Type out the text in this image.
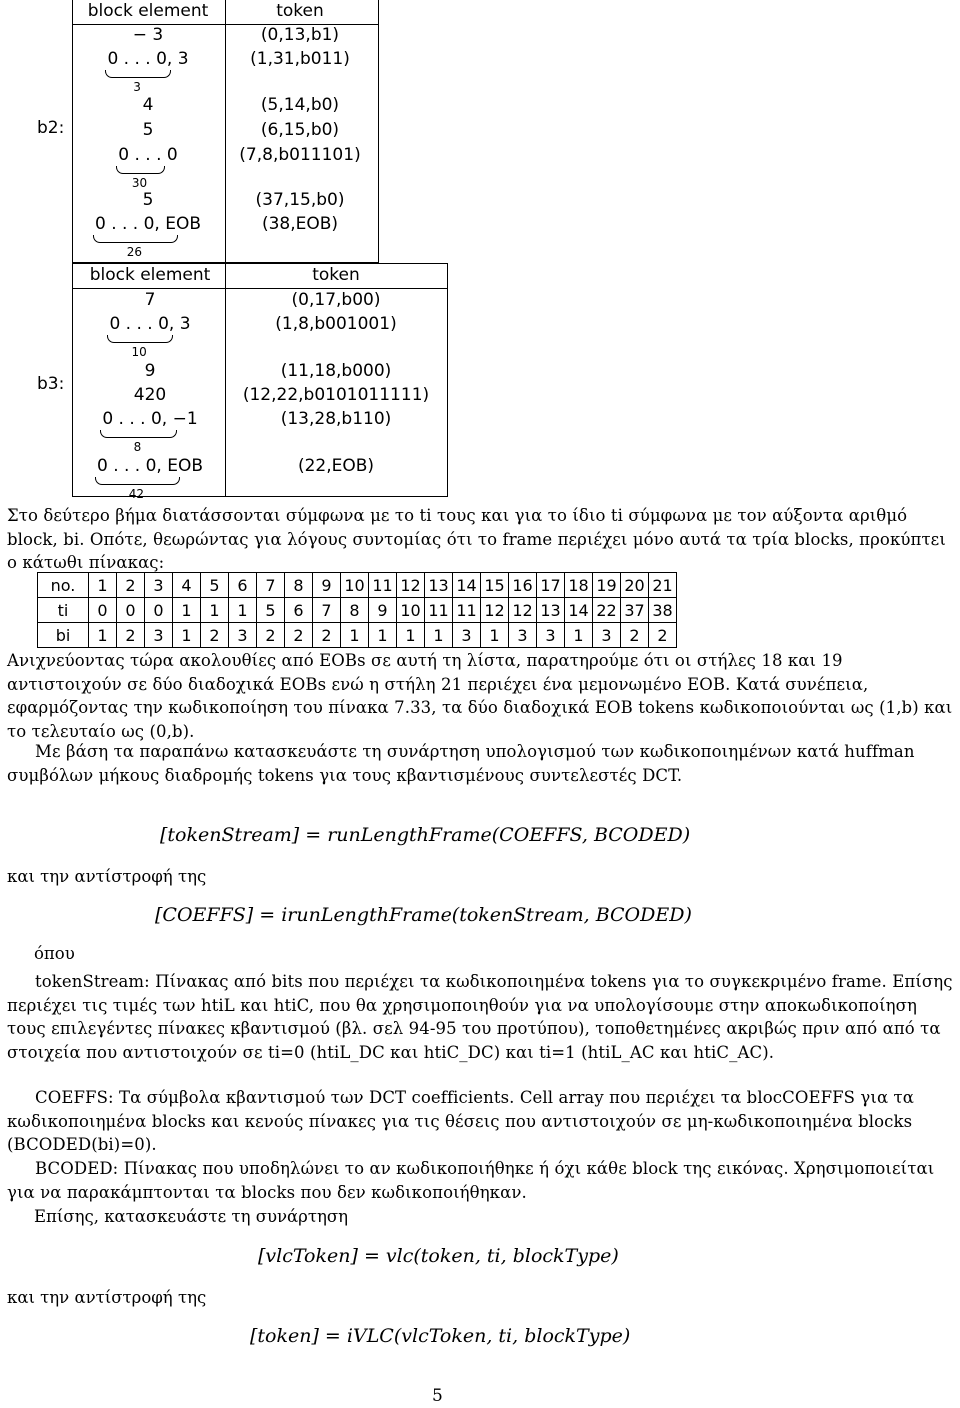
b2:
block element	token
− 3	(0,13,b1)
0 . . . 0, 3	(1,31,b011)
3
4	(5,14,b0)
5	(6,15,b0)
0 . . . 0	(7,8,b011101)
30
5	(37,15,b0)
0 . . . 0, EOB	(38,EOB)
26
b3:
block element	token
7	(0,17,b00)
0 . . . 0, 3	(1,8,b001001)
10
9	(11,18,b000)
420	(12,22,b0101011111)
0 . . . 0, −1	(13,28,b110)
8
0 . . . 0, EOB	(22,EOB)
42
Στο δεύτερο βήμα διατάσσονται σύμφωνα με το ti τους και για το ίδιο ti σύμφωνα με τον αύξοντα αριθμό block, bi. Οπότε, θεωρώντας για λόγους συντομίας ότι το frame περιέχει μόνο αυτά τα τρία blocks, προκύπτει ο κάτωθι πίνακας:
no.	1	2	3	4	5	6	7	8	9	10	11	12	13	14	15	16	17	18	19	20	21
ti	0	0	0	1	1	1	5	6	7	8	9	10	11	11	12	12	13	14	22	37	38
bi	1	2	3	1	2	3	2	2	2	1	1	1	1	3	1	3	3	1	3	2	2
Ανιχνεύοντας τώρα ακολουθίες από EOBs σε αυτή τη λίστα, παρατηρούμε ότι οι στήλες 18 και 19 αντιστοιχούν σε δύο διαδοχικά EOBs ενώ η στήλη 21 περιέχει ένα μεμονωμένο EOB. Κατά συνέπεια, εφαρμόζοντας την κωδικοποίηση του πίνακα 7.33, τα δύο διαδοχικά EOB tokens κωδικοποιούνται ως (1,b) και το τελευταίο ως (0,b).
Με βάση τα παραπάνω κατασκευάστε τη συνάρτηση υπολογισμού των κωδικοποιημένων κατά huffman συμβόλων μήκους διαδρομής tokens για τους κβαντισμένους συντελεστές DCT.
[tokenStream] = runLengthFrame(COEFFS, BCODED)
και την αντίστροφή της
[COEFFS] = irunLengthFrame(tokenStream, BCODED)
όπου
tokenStream: Πίνακας από bits που περιέχει τα κωδικοποιημένα tokens για το συγκεκριμένο frame. Επίσης περιέχει τις τιμές των htiL και htiC, που θα χρησιμοποιηθούν για να υπολογίσουμε στην αποκωδικοποίηση τους επιλεγέντες πίνακες κβαντισμού (βλ. σελ 94-95 του προτύπου), τοποθετημένες ακριβώς πριν από από τα στοιχεία που αντιστοιχούν σε ti=0 (htiL_DC και htiC_DC) και ti=1 (htiL_AC και htiC_AC).
COEFFS: Τα σύμβολα κβαντισμού των DCT coefficients. Cell array που περιέχει τα blocCOEFFS για τα κωδικοποιημένα blocks και κενούς πίνακες για τις θέσεις που αντιστοιχούν σε μη-κωδικοποιημένα blocks (BCODED(bi)=0).
BCODED: Πίνακας που υποδηλώνει το αν κωδικοποιήθηκε ή όχι κάθε block της εικόνας. Χρησιμοποιείται για να παρακάμπτονται τα blocks που δεν κωδικοποιήθηκαν.
Επίσης, κατασκευάστε τη συνάρτηση
[vlcToken] = vlc(token, ti, blockType)
και την αντίστροφή της
[token] = iVLC(vlcToken, ti, blockType)
5
